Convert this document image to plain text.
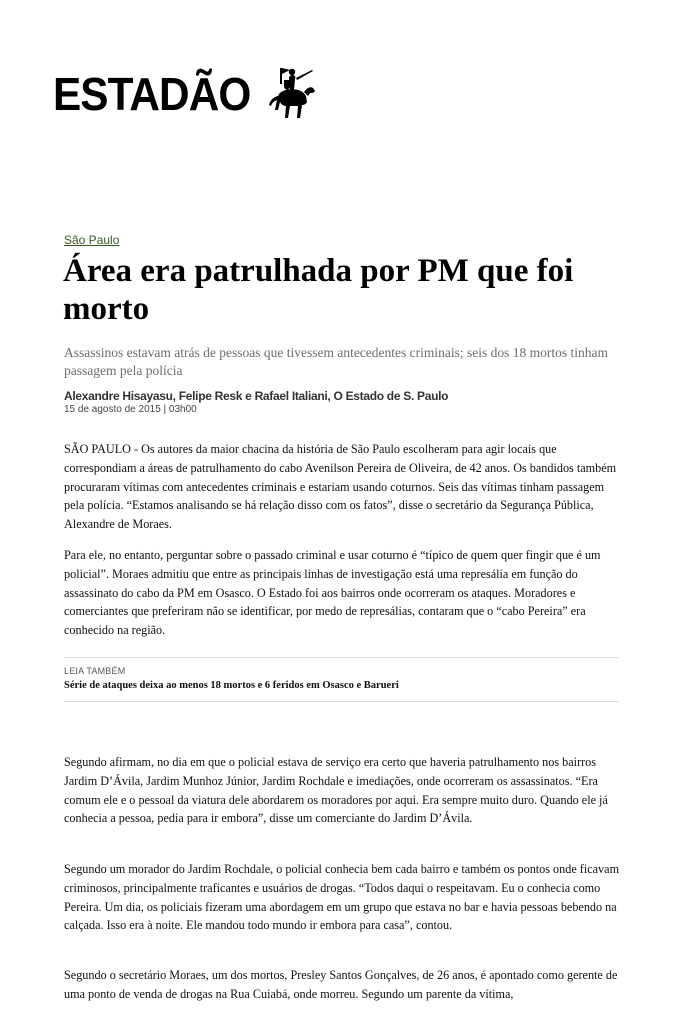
ESTADÃO
São Paulo
Área era patrulhada por PM que foi morto

Assassinos estavam atrás de pessoas que tivessem antecedentes criminais; seis dos 18 mortos tinham passagem pela polícia

Alexandre Hisayasu, Felipe Resk e Rafael Italiani, O Estado de S. Paulo
15 de agosto de 2015 | 03h00

SÃO PAULO - Os autores da maior chacina da história de São Paulo escolheram para agir locais que correspondiam a áreas de patrulhamento do cabo Avenilson Pereira de Oliveira, de 42 anos. Os bandidos também procuraram vítimas com antecedentes criminais e estariam usando coturnos. Seis das vítimas tinham passagem pela polícia. “Estamos analisando se há relação disso com os fatos”, disse o secretário da Segurança Pública, Alexandre de Moraes.

Para ele, no entanto, perguntar sobre o passado criminal e usar coturno é “típico de quem quer fingir que é um policial”. Moraes admitiu que entre as principais linhas de investigação está uma represália em função do assassinato do cabo da PM em Osasco. O Estado foi aos bairros onde ocorreram os ataques. Moradores e comerciantes que preferiram não se identificar, por medo de represálias, contaram que o “cabo Pereira” era conhecido na região.

LEIA TAMBÉM
Série de ataques deixa ao menos 18 mortos e 6 feridos em Osasco e Barueri

Segundo afirmam, no dia em que o policial estava de serviço era certo que haveria patrulhamento nos bairros Jardim D’Ávila, Jardim Munhoz Júnior, Jardim Rochdale e imediações, onde ocorreram os assassinatos. “Era comum ele e o pessoal da viatura dele abordarem os moradores por aqui. Era sempre muito duro. Quando ele já conhecia a pessoa, pedia para ir embora”, disse um comerciante do Jardim D’Ávila.

Segundo um morador do Jardim Rochdale, o policial conhecia bem cada bairro e também os pontos onde ficavam criminosos, principalmente traficantes e usuários de drogas. “Todos daqui o respeitavam. Eu o conhecia como Pereira. Um dia, os policiais fizeram uma abordagem em um grupo que estava no bar e havia pessoas bebendo na calçada. Isso era à noite. Ele mandou todo mundo ir embora para casa”, contou.

Segundo o secretário Moraes, um dos mortos, Presley Santos Gonçalves, de 26 anos, é apontado como gerente de uma ponto de venda de drogas na Rua Cuiabá, onde morreu. Segundo um parente da vítima,
